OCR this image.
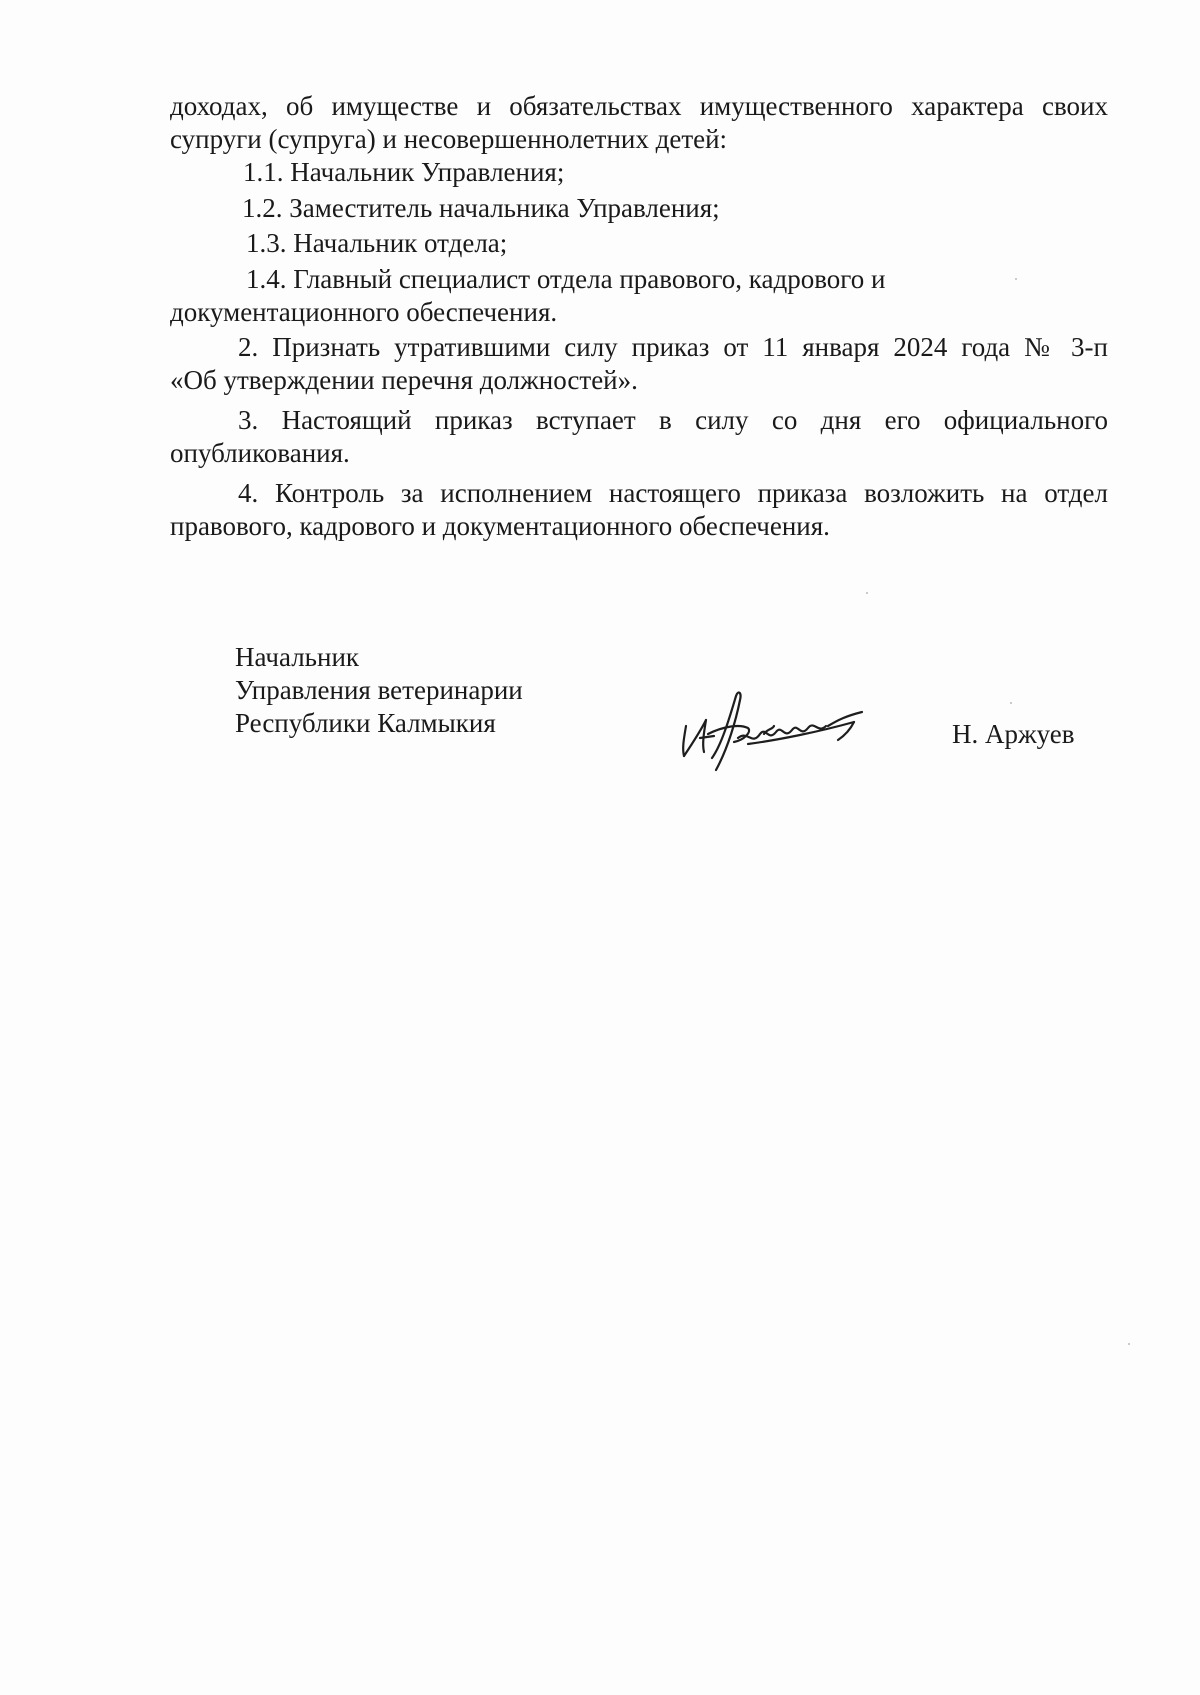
доходах, об имуществе и обязательствах имущественного характера своих

супруги (супруга) и несовершеннолетних детей:

1.1. Начальник Управления;

1.2. Заместитель начальника Управления;

1.3. Начальник отдела;

1.4. Главный специалист отдела правового, кадрового и

документационного обеспечения.

2. Признать утратившими силу приказ от 11 января 2024 года № 3-п

«Об утверждении перечня должностей».

3. Настоящий приказ вступает в силу со дня его официального

опубликования.

4. Контроль за исполнением настоящего приказа возложить на отдел

правового, кадрового и документационного обеспечения.

Начальник
Управления ветеринарии
Республики Калмыкия	Н. Аржуев
